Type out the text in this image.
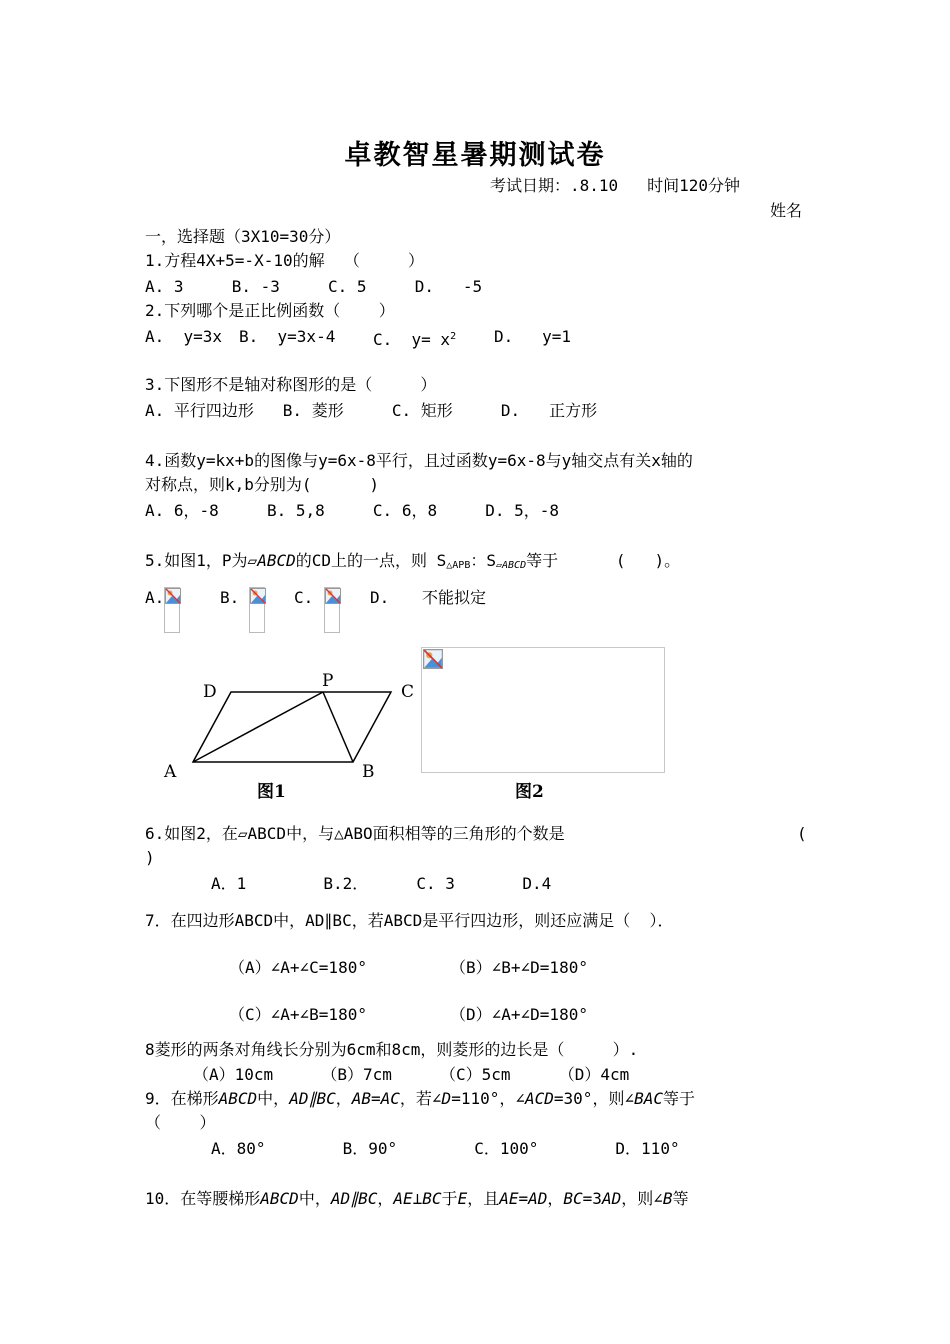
卓教智星暑期测试卷
考试日期：.8.10   时间120分钟
姓名
一，选择题（3X10=30分）
1.方程4X+5=-X-10的解  （     ）
A. 3     B. -3     C. 5     D.   -5
2.下列哪个是正比例函数（    ）
A.  y=3x B.  y=3x-4 C.  $y= x^2$ D.   y=1
3.下图形不是轴对称图形的是（     ）
A. 平行四边形   B. 菱形     C. 矩形     D.   正方形
4.函数y=kx+b的图像与y=6x-8平行，且过函数y=6x-8与y轴交点有关x轴的
对称点，则k,b分别为(      )
A. 6，-8     B. 5,8     C. 6，8     D. 5，-8
5.如图1，P为▱ABCD的CD上的一点，则 $S_{\triangle APB}$：$S_{▱ABCD}$等于      (   )。
A.	B.	C.	D. 不能拟定
D
P
C
A	B
图1	图2
6.如图2，在▱ABCD中，与△ABO面积相等的三角形的个数是	(
)
A．1        B.2．     C. 3       D.4
7．在四边形ABCD中，AD∥BC，若ABCD是平行四边形，则还应满足（  ）．
（A）∠A+∠C=180°	（B）∠B+∠D=180°
（C）∠A+∠B=180°	（D）∠A+∠D=180°
8菱形的两条对角线长分别为6cm和8cm，则菱形的边长是（     ）.
（A）10cm     （B）7cm     （C）5cm     （D）4cm
9．在梯形ABCD中，AD∥BC，AB=AC，若∠D=110°，∠ACD=30°，则∠BAC等于
（    ）
A．80°        B．90°        C．100°        D．110°
10．在等腰梯形ABCD中，AD∥BC，AE⊥BC于E，且AE=AD，BC=3AD，则∠B等
